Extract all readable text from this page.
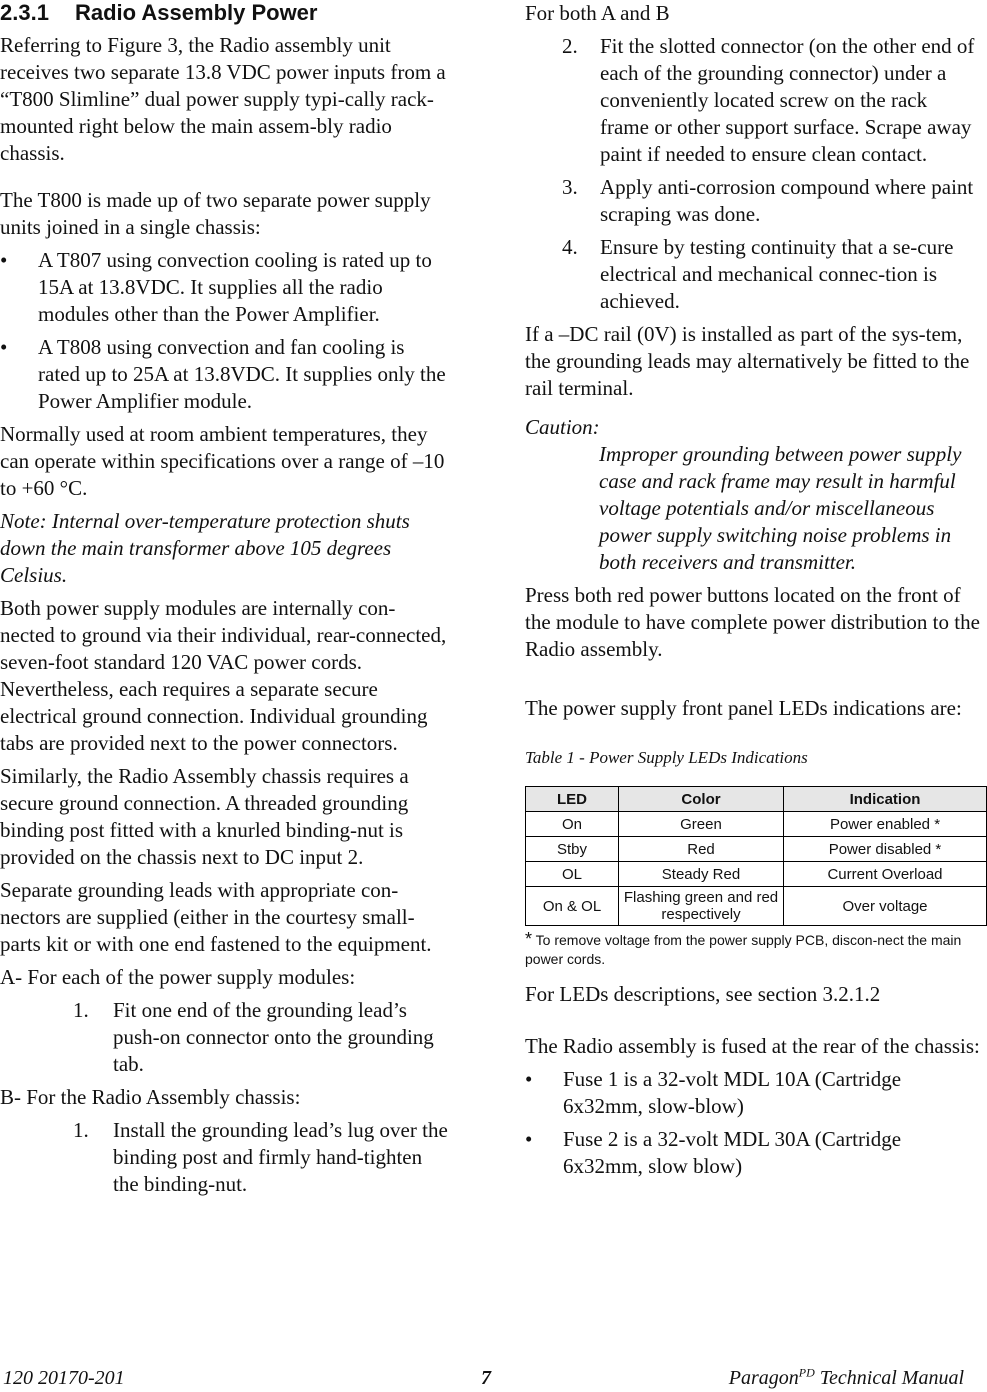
2.3.1 Radio Assembly Power

Referring to Figure 3, the Radio assembly unit receives two separate 13.8 VDC power inputs from a “T800 Slimline” dual power supply typi-cally rack-mounted right below the main assem-bly radio chassis.

The T800 is made up of two separate power supply units joined in a single chassis:

• A T807 using convection cooling is rated up to 15A at 13.8VDC. It supplies all the radio modules other than the Power Amplifier.
• A T808 using convection and fan cooling is rated up to 25A at 13.8VDC. It supplies only the Power Amplifier module.

Normally used at room ambient temperatures, they can operate within specifications over a range of –10 to +60 °C.

Note: Internal over-temperature protection shuts down the main transformer above 105 degrees Celsius.

Both power supply modules are internally con-nected to ground via their individual, rear-connected, seven-foot standard 120 VAC power cords. Nevertheless, each requires a separate secure electrical ground connection. Individual grounding tabs are provided next to the power connectors.

Similarly, the Radio Assembly chassis requires a secure ground connection. A threaded grounding binding post fitted with a knurled binding-nut is provided on the chassis next to DC input 2.

Separate grounding leads with appropriate con-nectors are supplied (either in the courtesy small-parts kit or with one end fastened to the equipment.

A- For each of the power supply modules:

1. Fit one end of the grounding lead’s push-on connector onto the grounding tab.

B- For the Radio Assembly chassis:

1. Install the grounding lead’s lug over the binding post and firmly hand-tighten the binding-nut.

For both A and B

2. Fit the slotted connector (on the other end of each of the grounding connector) under a conveniently located screw on the rack frame or other support surface. Scrape away paint if needed to ensure clean contact.
3. Apply anti-corrosion compound where paint scraping was done.
4. Ensure by testing continuity that a se-cure electrical and mechanical connec-tion is achieved.

If a –DC rail (0V) is installed as part of the sys-tem, the grounding leads may alternatively be fitted to the rail terminal.

Caution:

Improper grounding between power supply case and rack frame may result in harmful voltage potentials and/or miscellaneous power supply switching noise problems in both receivers and transmitter.

Press both red power buttons located on the front of the module to have complete power distribution to the Radio assembly.

The power supply front panel LEDs indications are:

Table 1 - Power Supply LEDs Indications

LED	Color	Indication
On	Green	Power enabled *
Stby	Red	Power disabled *
OL	Steady Red	Current Overload
On & OL	Flashing green and red respectively	Over voltage

* To remove voltage from the power supply PCB, discon-nect the main power cords.

For LEDs descriptions, see section 3.2.1.2

The Radio assembly is fused at the rear of the chassis:

• Fuse 1 is a 32-volt MDL 10A (Cartridge 6x32mm, slow-blow)
• Fuse 2 is a 32-volt MDL 30A (Cartridge 6x32mm, slow blow)
120 20170-201	7	Paragon$^{PD}$ Technical Manual
